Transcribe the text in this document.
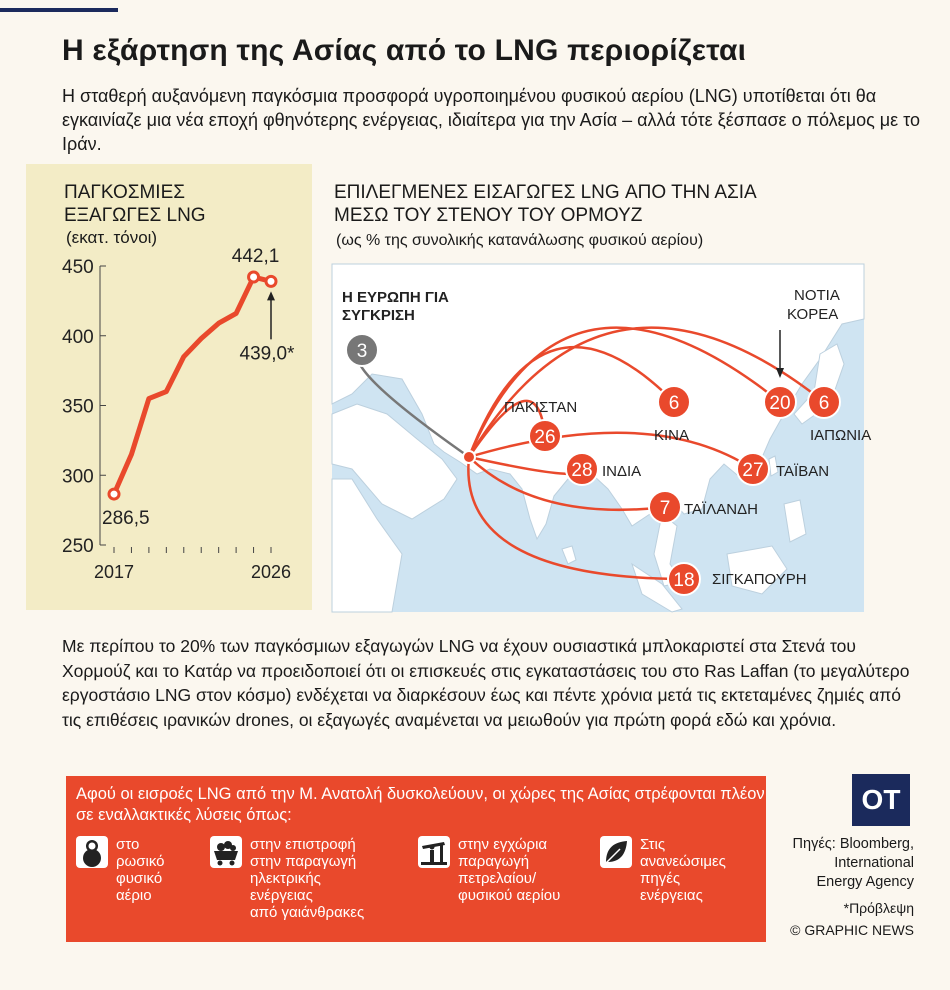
Η εξάρτηση της Ασίας από το LNG περιορίζεται
Η σταθερή αυξανόμενη παγκόσμια προσφορά υγροποιημένου φυσικού αερίου (LNG) υποτίθεται ότι θα εγκαινίαζε μια νέα εποχή φθηνότερης ενέργειας, ιδιαίτερα για την Ασία – αλλά τότε ξέσπασε ο πόλεμος με το Ιράν.
ΠΑΓΚΟΣΜΙΕΣ
ΕΞΑΓΩΓΕΣ LNG
(εκατ. τόνοι)
250
300
350
400
450
2017	2026
286,5
442,1
439,0*
ΕΠΙΛΕΓΜΕΝΕΣ ΕΙΣΑΓΩΓΕΣ LNG ΑΠΟ ΤΗΝ ΑΣΙΑ
ΜΕΣΩ ΤΟΥ ΣΤΕΝΟΥ ΤΟΥ ΟΡΜΟΥΖ
(ως % της συνολικής κατανάλωσης φυσικού αερίου)
3
26
ΠΑΚΙΣΤΑΝ
28 ΙΝΔΙΑ
6
ΚΙΝΑ
7 ΤΑΪΛΑΝΔΗ
18 ΣΙΓΚΑΠΟΥΡΗ
27 ΤΑΪΒΑΝ
20 6
ΙΑΠΩΝΙΑ
Η ΕΥΡΩΠΗ ΓΙΑ
ΣΥΓΚΡΙΣΗ
ΝΟΤΙΑ
ΚΟΡΕΑ
Με περίπου το 20% των παγκόσμιων εξαγωγών LNG να έχουν ουσιαστικά μπλοκαριστεί στα Στενά του Χορμούζ και το Κατάρ να προειδοποιεί ότι οι επισκευές στις εγκαταστάσεις του στο Ras Laffan (το μεγαλύτερο εργοστάσιο LNG στον κόσμο) ενδέχεται να διαρκέσουν έως και πέντε χρόνια μετά τις εκτεταμένες ζημιές από τις επιθέσεις ιρανικών drones, οι εξαγωγές αναμένεται να μειωθούν για πρώτη φορά εδώ και χρόνια.
Αφού οι εισροές LNG από την Μ. Ανατολή δυσκολεύουν, οι χώρες της Ασίας στρέφονται πλέον σε εναλλακτικές λύσεις όπως:
στο
ρωσικό
φυσικό
αέριο
στην επιστροφή
στην παραγωγή
ηλεκτρικής
ενέργειας
από γαιάνθρακες
στην εγχώρια
παραγωγή
πετρελαίου/
φυσικού αερίου
Στις
ανανεώσιμες
πηγές
ενέργειας
OT
Πηγές: Bloomberg,
International
Energy Agency
*Πρόβλεψη
© GRAPHIC NEWS
